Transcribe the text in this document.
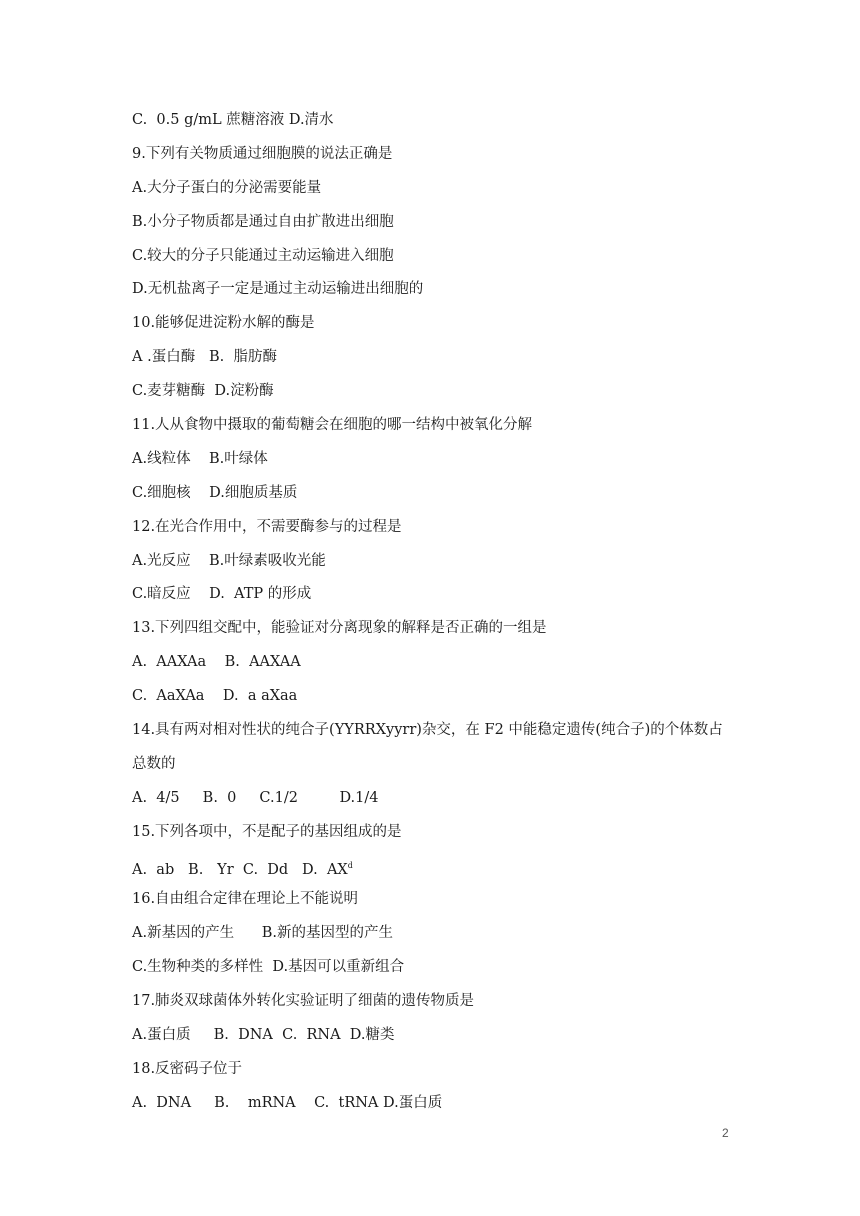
C.  0.5 g/mL 蔗糖溶液 D.清水
9.下列有关物质通过细胞膜的说法正确是
A.大分子蛋白的分泌需要能量
B.小分子物质都是通过自由扩散进出细胞
C.较大的分子只能通过主动运输进入细胞
D.无机盐离子一定是通过主动运输进出细胞的
10.能够促进淀粉水解的酶是
A .蛋白酶   B.  脂肪酶
C.麦芽糖酶  D.淀粉酶
11.人从食物中摄取的葡萄糖会在细胞的哪一结构中被氧化分解
A.线粒体    B.叶绿体
C.细胞核    D.细胞质基质
12.在光合作用中，不需要酶参与的过程是
A.光反应    B.叶绿素吸收光能
C.暗反应    D.  ATP 的形成
13.下列四组交配中，能验证对分离现象的解释是否正确的一组是
A.  AAXAa    B.  AAXAA
C.  AaXAa    D.  a aXaa
14.具有两对相对性状的纯合子(YYRRXyyrr)杂交，在 F2 中能稳定遗传(纯合子)的个体数占
总数的
A.  4/5     B.  0     C.1/2         D.1/4
15.下列各项中，不是配子的基因组成的是
A.  ab   B.   Yr  C.  Dd   D.  $AX^d$
16.自由组合定律在理论上不能说明
A.新基因的产生      B.新的基因型的产生
C.生物种类的多样性  D.基因可以重新组合
17.肺炎双球菌体外转化实验证明了细菌的遗传物质是
A.蛋白质     B.  DNA  C.  RNA  D.糖类
18.反密码子位于
A.  DNA     B.    mRNA    C.  tRNA D.蛋白质
2
